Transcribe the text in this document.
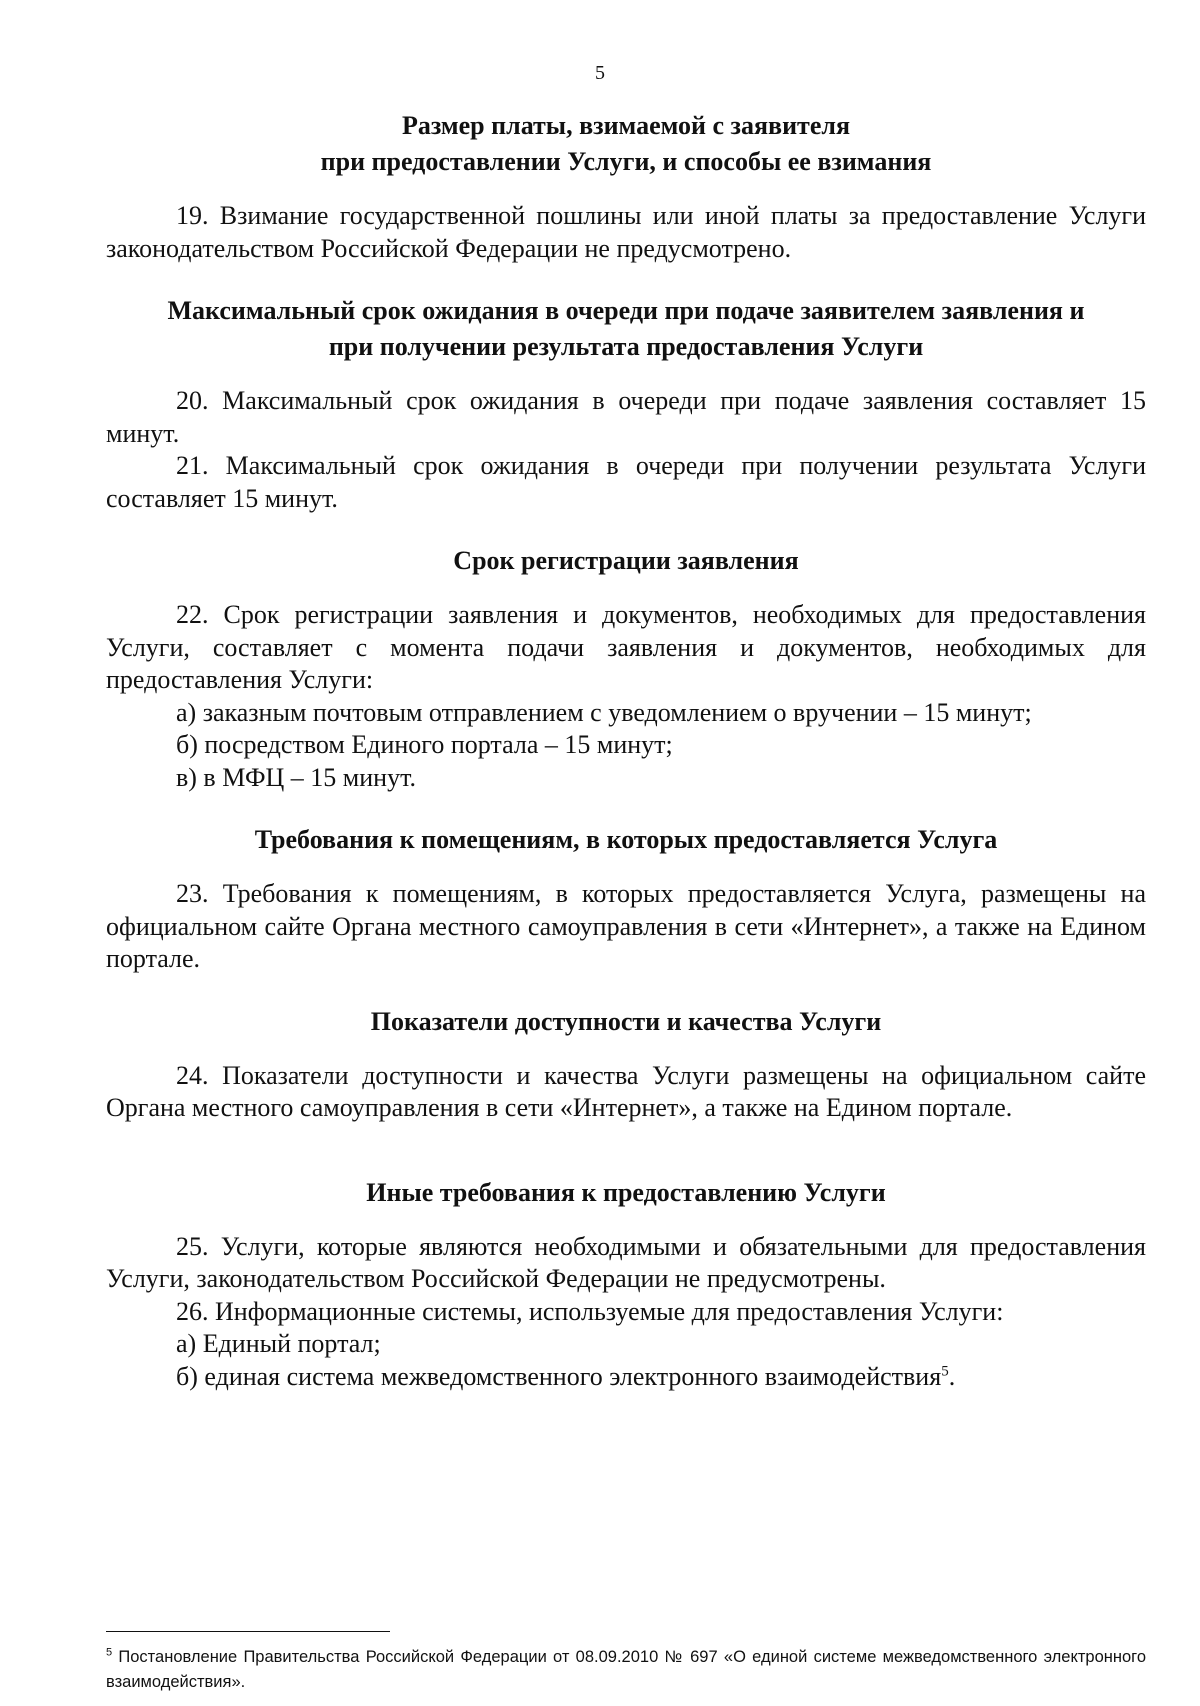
5

Размер платы, взимаемой с заявителя

при предоставлении Услуги, и способы ее взимания

19. Взимание государственной пошлины или иной платы за предоставление Услуги законодательством Российской Федерации не предусмотрено.

Максимальный срок ожидания в очереди при подаче заявителем заявления и

при получении результата предоставления Услуги

20. Максимальный срок ожидания в очереди при подаче заявления составляет 15 минут.

21. Максимальный срок ожидания в очереди при получении результата Услуги составляет 15 минут.

Срок регистрации заявления

22. Срок регистрации заявления и документов, необходимых для предоставления Услуги, составляет с момента подачи заявления и документов, необходимых для предоставления Услуги:

а) заказным почтовым отправлением с уведомлением о вручении – 15 минут;

б) посредством Единого портала – 15 минут;

в) в МФЦ – 15 минут.

Требования к помещениям, в которых предоставляется Услуга

23. Требования к помещениям, в которых предоставляется Услуга, размещены на официальном сайте Органа местного самоуправления в сети «Интернет», а также на Едином портале.

Показатели доступности и качества Услуги

24. Показатели доступности и качества Услуги размещены на официальном сайте Органа местного самоуправления в сети «Интернет», а также на Едином портале.

Иные требования к предоставлению Услуги

25. Услуги, которые являются необходимыми и обязательными для предоставления Услуги, законодательством Российской Федерации не предусмотрены.

26. Информационные системы, используемые для предоставления Услуги:

а) Единый портал;

б) единая система межведомственного электронного взаимодействия$^5$.

$^5$ Постановление Правительства Российской Федерации от 08.09.2010 № 697 «О единой системе межведомственного электронного взаимодействия».
